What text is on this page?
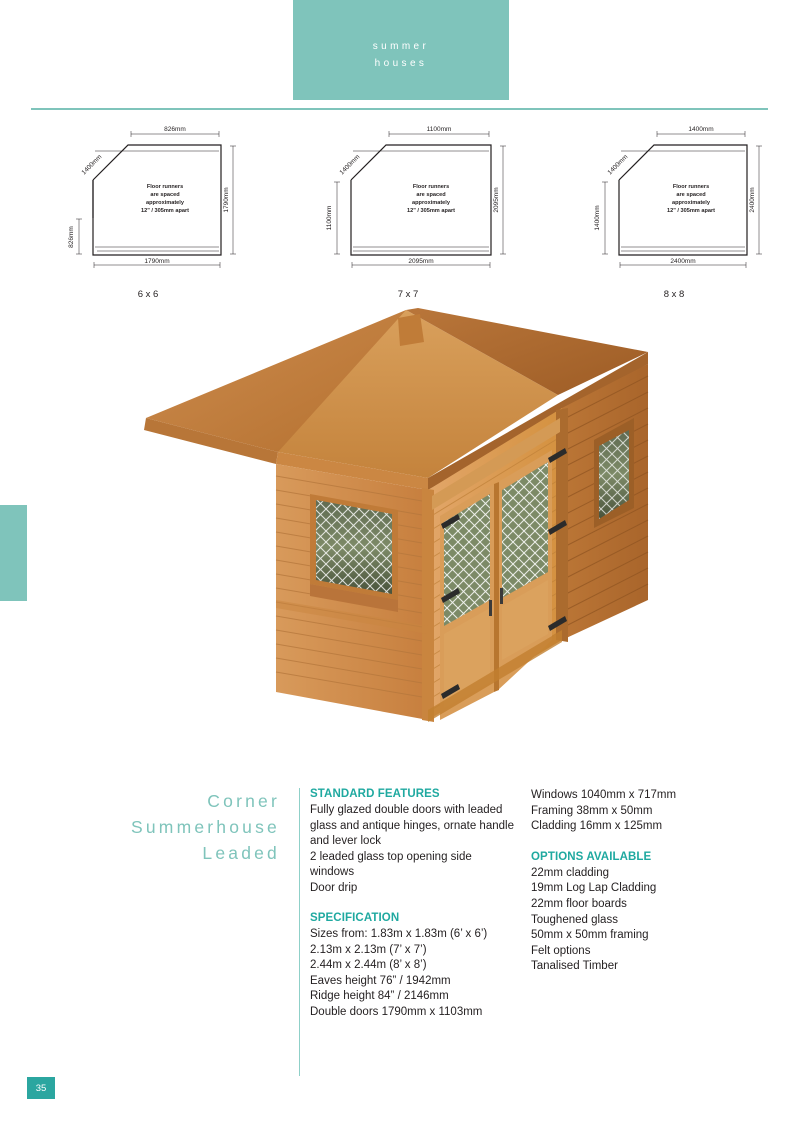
summer
houses
826mm
1400mm
826mm
1790mm
1790mm
Floor runners
are spaced
approximately
12" / 305mm apart
6 x 6
1100mm
1400mm
1100mm
2095mm
2095mm
Floor runners
are spaced
approximately
12" / 305mm apart
7 x 7
1400mm
1400mm
1400mm
2400mm
2400mm
Floor runners
are spaced
approximately
12" / 305mm apart
8 x 8
Corner
Summerhouse
Leaded
STANDARD FEATURES

Fully glazed double doors with leaded glass and antique hinges, ornate handle and lever lock

2 leaded glass top opening side windows

Door drip

SPECIFICATION

Sizes from: 1.83m x 1.83m (6’ x 6’)

2.13m x 2.13m (7’ x 7’)

2.44m x 2.44m (8’ x 8’)

Eaves height 76” / 1942mm

Ridge height 84” / 2146mm

Double doors 1790mm x 1103mm

Windows 1040mm x 717mm
Framing 38mm x 50mm
Cladding 16mm x 125mm
OPTIONS AVAILABLE
22mm cladding
19mm Log Lap Cladding
22mm floor boards
Toughened glass
50mm x 50mm framing
Felt options
Tanalised Timber
35
